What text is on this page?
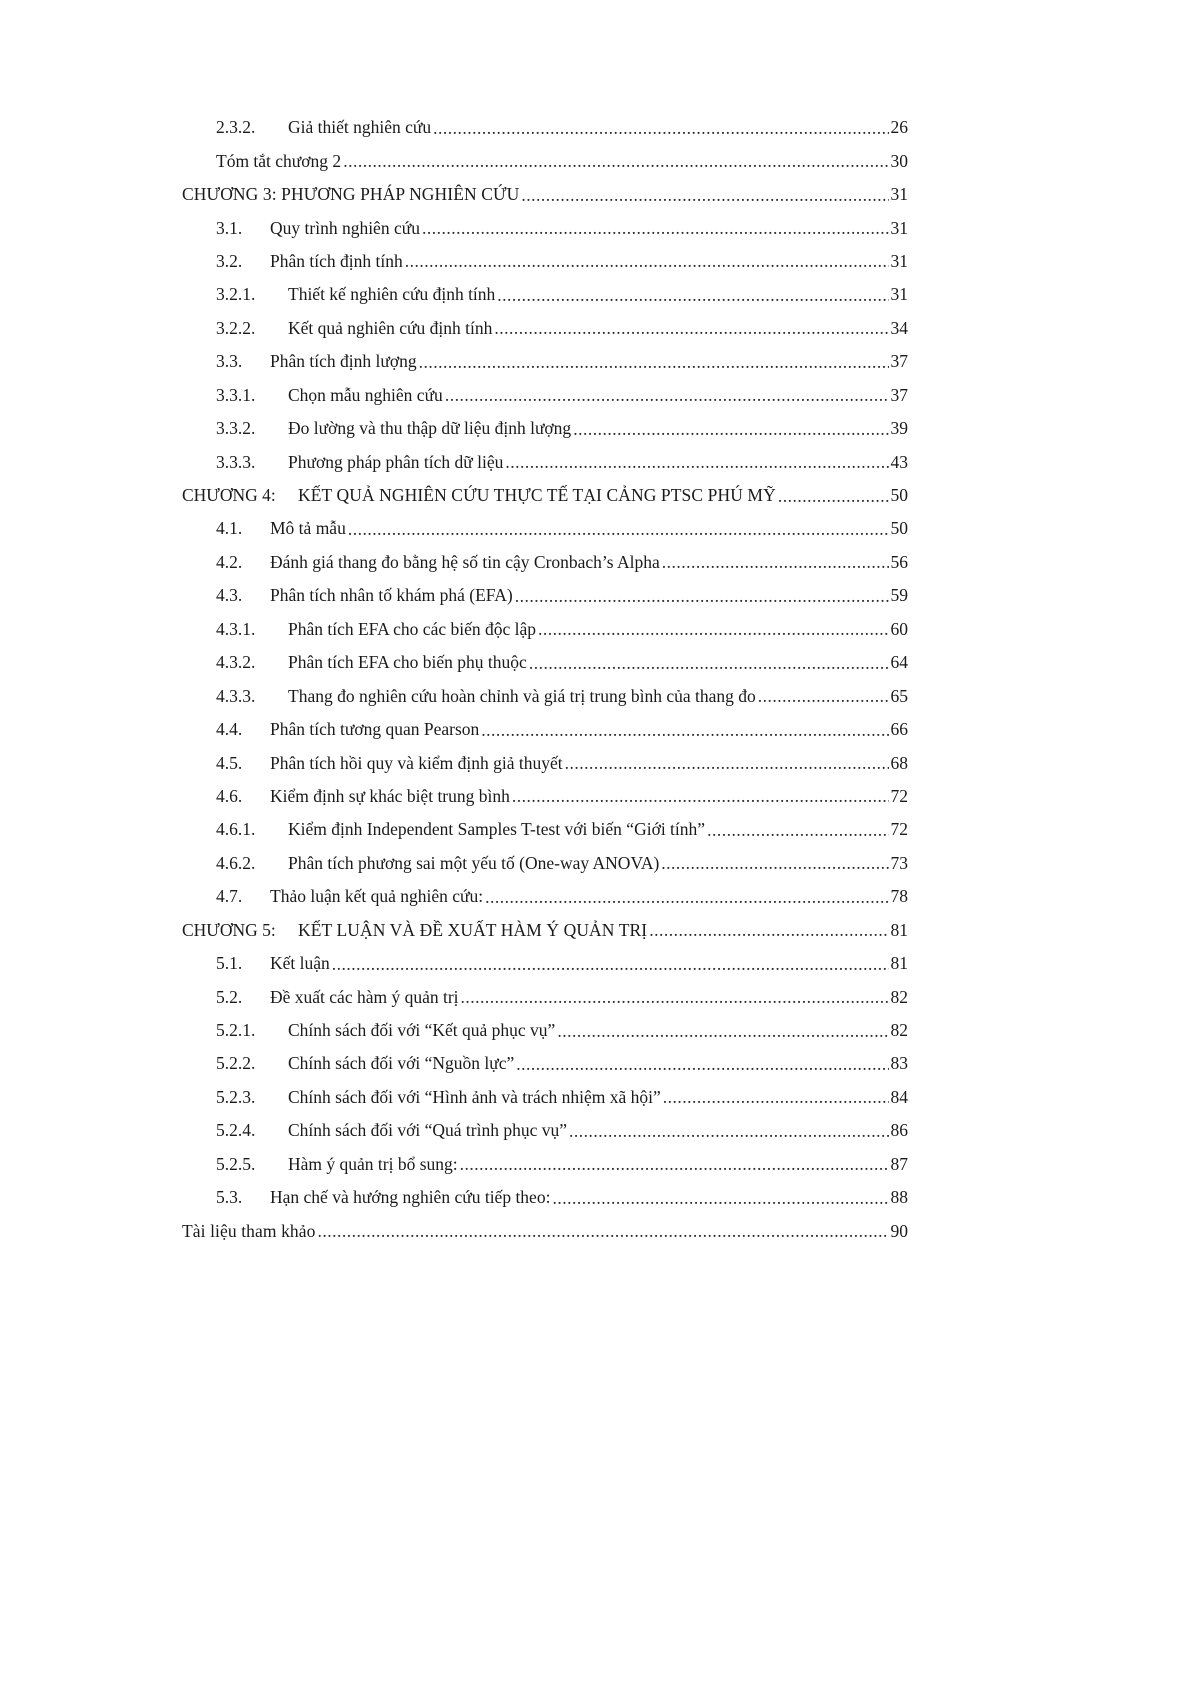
2.3.2.	Giả thiết nghiên cứu .....	26
Tóm tắt chương 2 .....	30
CHƯƠNG 3: PHƯƠNG PHÁP NGHIÊN CỨU .....	31
3.1.	Quy trình nghiên cứu .....	31
3.2.	Phân tích định tính .....	31
3.2.1.	Thiết kế nghiên cứu định tính .....	31
3.2.2.	Kết quả nghiên cứu định tính .....	34
3.3.	Phân tích định lượng .....	37
3.3.1.	Chọn mẫu nghiên cứu .....	37
3.3.2.	Đo lường và thu thập dữ liệu định lượng .....	39
3.3.3.	Phương pháp phân tích dữ liệu .....	43
CHƯƠNG 4:	KẾT QUẢ NGHIÊN CỨU THỰC TẾ TẠI CẢNG PTSC PHÚ MỸ .....	50
4.1.	Mô tả mẫu .....	50
4.2.	Đánh giá thang đo bằng hệ số tin cậy Cronbach’s Alpha .....	56
4.3.	Phân tích nhân tố khám phá (EFA) .....	59
4.3.1.	Phân tích EFA cho các biến độc lập .....	60
4.3.2.	Phân tích EFA cho biến phụ thuộc .....	64
4.3.3.	Thang đo nghiên cứu hoàn chỉnh và giá trị trung bình của thang đo .....	65
4.4.	Phân tích tương quan Pearson .....	66
4.5.	Phân tích hồi quy và kiểm định giả thuyết .....	68
4.6.	Kiểm định sự khác biệt trung bình .....	72
4.6.1.	Kiểm định Independent Samples T-test với biến “Giới tính” .....	72
4.6.2.	Phân tích phương sai một yếu tố (One-way ANOVA) .....	73
4.7.	Thảo luận kết quả nghiên cứu: .....	78
CHƯƠNG 5:	KẾT LUẬN VÀ ĐỀ XUẤT HÀM Ý QUẢN TRỊ .....	81
5.1.	Kết luận .....	81
5.2.	Đề xuất các hàm ý quản trị .....	82
5.2.1.	Chính sách đối với “Kết quả phục vụ” .....	82
5.2.2.	Chính sách đối với “Nguồn lực” .....	83
5.2.3.	Chính sách đối với “Hình ảnh và trách nhiệm xã hội” .....	84
5.2.4.	Chính sách đối với “Quá trình phục vụ” .....	86
5.2.5.	Hàm ý quản trị bổ sung: .....	87
5.3.	Hạn chế và hướng nghiên cứu tiếp theo: .....	88
Tài liệu tham khảo .....	90
